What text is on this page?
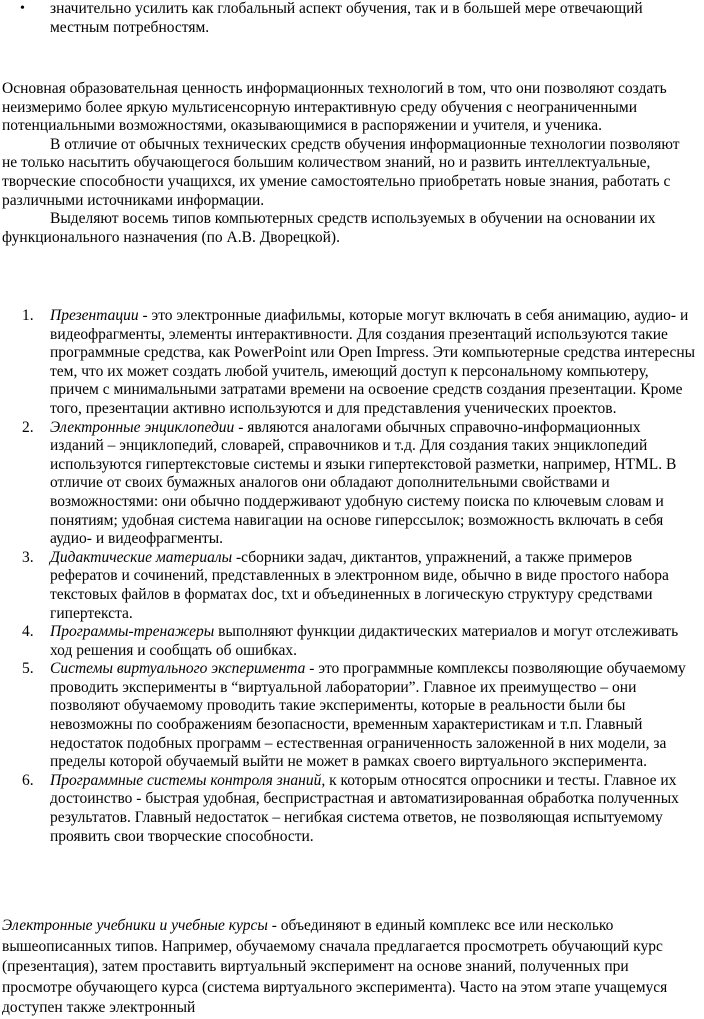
• значительно усилить как глобальный аспект обучения, так и в большей мере отвечающий местным потребностям.

Основная образовательная ценность информационных технологий в том, что они позволяют создать неизмеримо более яркую мультисенсорную интерактивную среду обучения с неограниченными потенциальными возможностями, оказывающимися в распоряжении и учителя, и ученика.

В отличие от обычных технических средств обучения информационные технологии позволяют не только насытить обучающегося большим количеством знаний, но и развить интеллектуальные, творческие способности учащихся, их умение самостоятельно приобретать новые знания, работать с различными источниками информации.

Выделяют восемь типов компьютерных средств используемых в обучении на основании их функционального назначения (по А.В. Дворецкой).

1. Презентации - это электронные диафильмы, которые могут включать в себя анимацию, аудио- и видеофрагменты, элементы интерактивности. Для создания презентаций используются такие программные средства, как PowerPoint или Open Impress. Эти компьютерные средства интересны тем, что их может создать любой учитель, имеющий доступ к персональному компьютеру, причем с минимальными затратами времени на освоение средств создания презентации. Кроме того, презентации активно используются и для представления ученических проектов.
2. Электронные энциклопедии - являются аналогами обычных справочно-информационных изданий – энциклопедий, словарей, справочников и т.д. Для создания таких энциклопедий используются гипертекстовые системы и языки гипертекстовой разметки, например, HTML. В отличие от своих бумажных аналогов они обладают дополнительными свойствами и возможностями: они обычно поддерживают удобную систему поиска по ключевым словам и понятиям; удобная система навигации на основе гиперссылок; возможность включать в себя аудио- и видеофрагменты.
3. Дидактические материалы -сборники задач, диктантов, упражнений, а также примеров рефератов и сочинений, представленных в электронном виде, обычно в виде простого набора текстовых файлов в форматах doc, txt и объединенных в логическую структуру средствами гипертекста.
4. Программы-тренажеры выполняют функции дидактических материалов и могут отслеживать ход решения и сообщать об ошибках.
5. Системы виртуального эксперимента - это программные комплексы позволяющие обучаемому проводить эксперименты в “виртуальной лаборатории”. Главное их преимущество – они позволяют обучаемому проводить такие эксперименты, которые в реальности были бы невозможны по соображениям безопасности, временным характеристикам и т.п. Главный недостаток подобных программ – естественная ограниченность заложенной в них модели, за пределы которой обучаемый выйти не может в рамках своего виртуального эксперимента.
6. Программные системы контроля знаний, к которым относятся опросники и тесты. Главное их достоинство - быстрая удобная, беспристрастная и автоматизированная обработка полученных результатов. Главный недостаток – негибкая система ответов, не позволяющая испытуемому проявить свои творческие способности.
Электронные учебники и учебные курсы - объединяют в единый комплекс все или несколько вышеописанных типов. Например, обучаемому сначала предлагается просмотреть обучающий курс (презентация), затем проставить виртуальный эксперимент на основе знаний, полученных при просмотре обучающего курса (система виртуального эксперимента). Часто на этом этапе учащемуся доступен также электронный
